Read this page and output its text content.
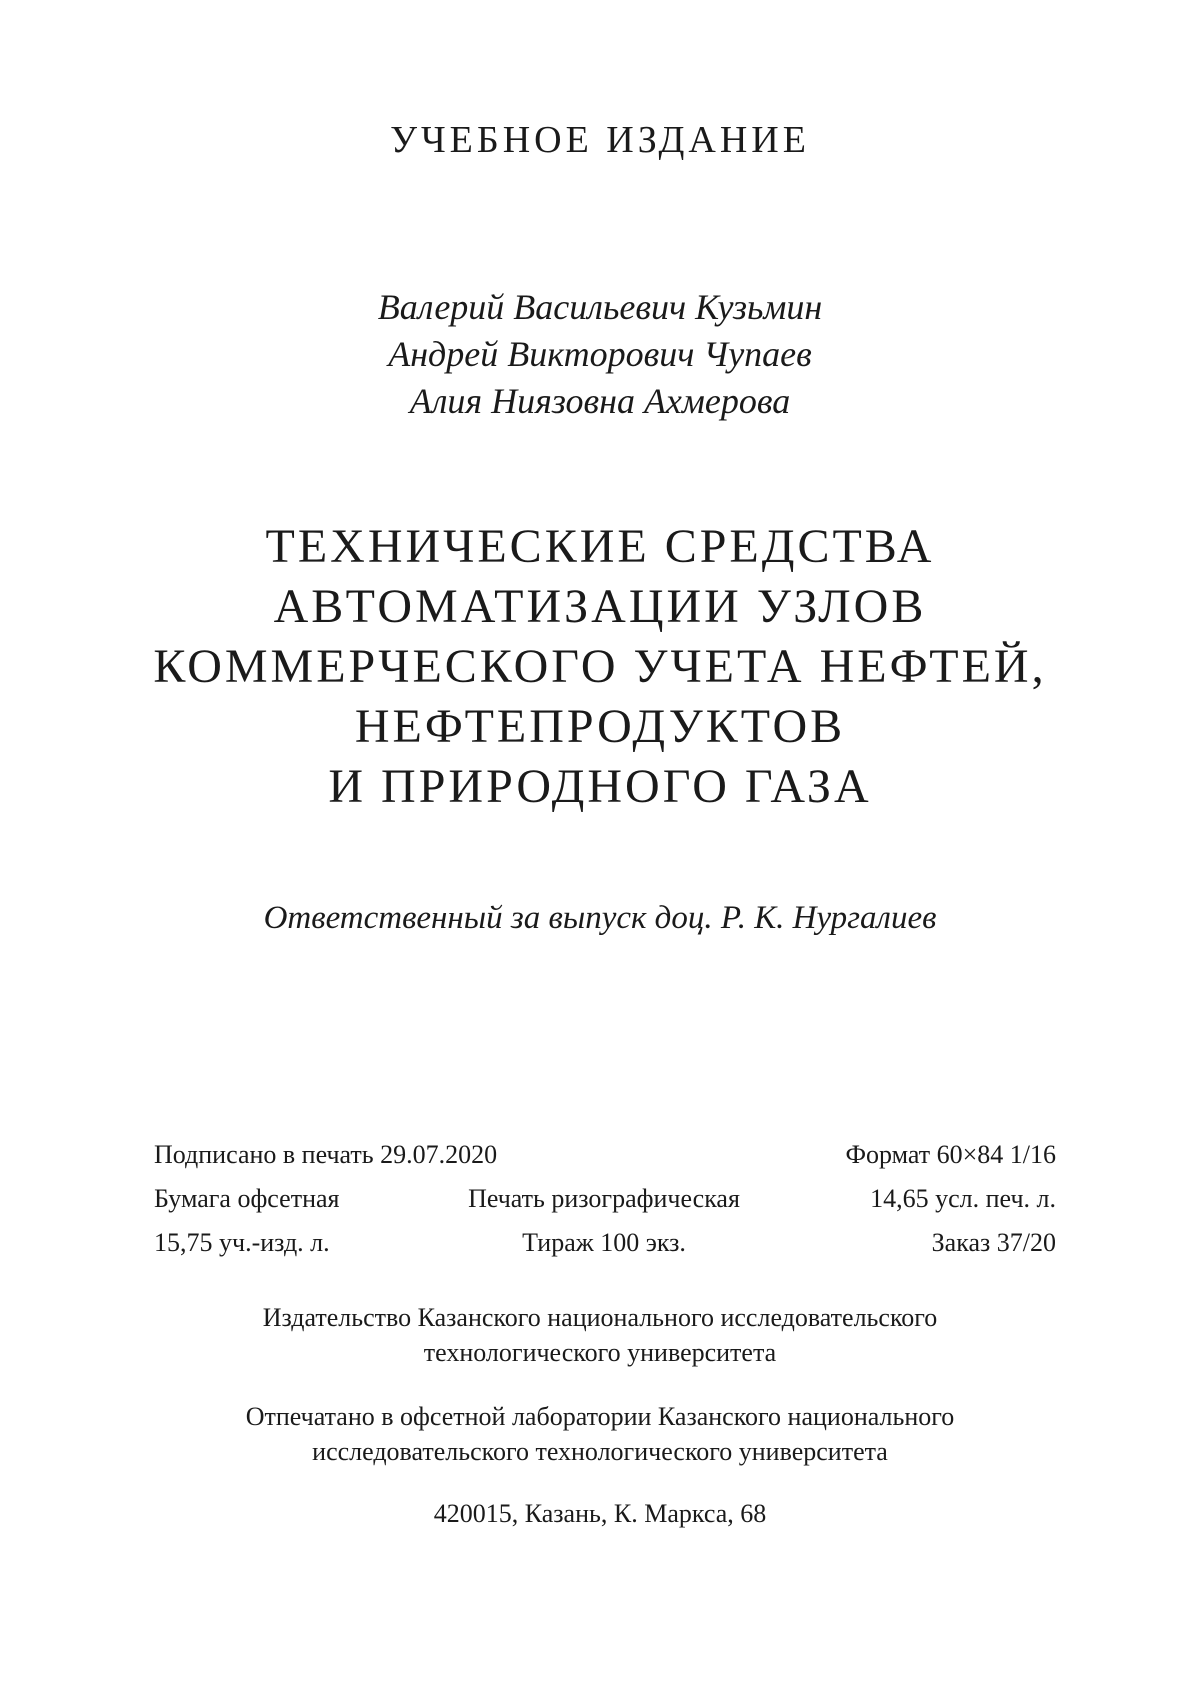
УЧЕБНОЕ ИЗДАНИЕ
Валерий Васильевич Кузьмин
Андрей Викторович Чупаев
Алия Ниязовна Ахмерова
ТЕХНИЧЕСКИЕ СРЕДСТВА
АВТОМАТИЗАЦИИ УЗЛОВ
КОММЕРЧЕСКОГО УЧЕТА НЕФТЕЙ,
НЕФТЕПРОДУКТОВ
И ПРИРОДНОГО ГАЗА
Ответственный за выпуск доц. Р. К. Нургалиев
Подписано в печать 29.07.2020	Формат 60×84 1/16
Бумага офсетная	Печать ризографическая	14,65 усл. печ. л.
15,75 уч.-изд. л.	Тираж 100 экз.	Заказ 37/20
Издательство Казанского национального исследовательского
технологического университета
Отпечатано в офсетной лаборатории Казанского национального
исследовательского технологического университета
420015, Казань, К. Маркса, 68
